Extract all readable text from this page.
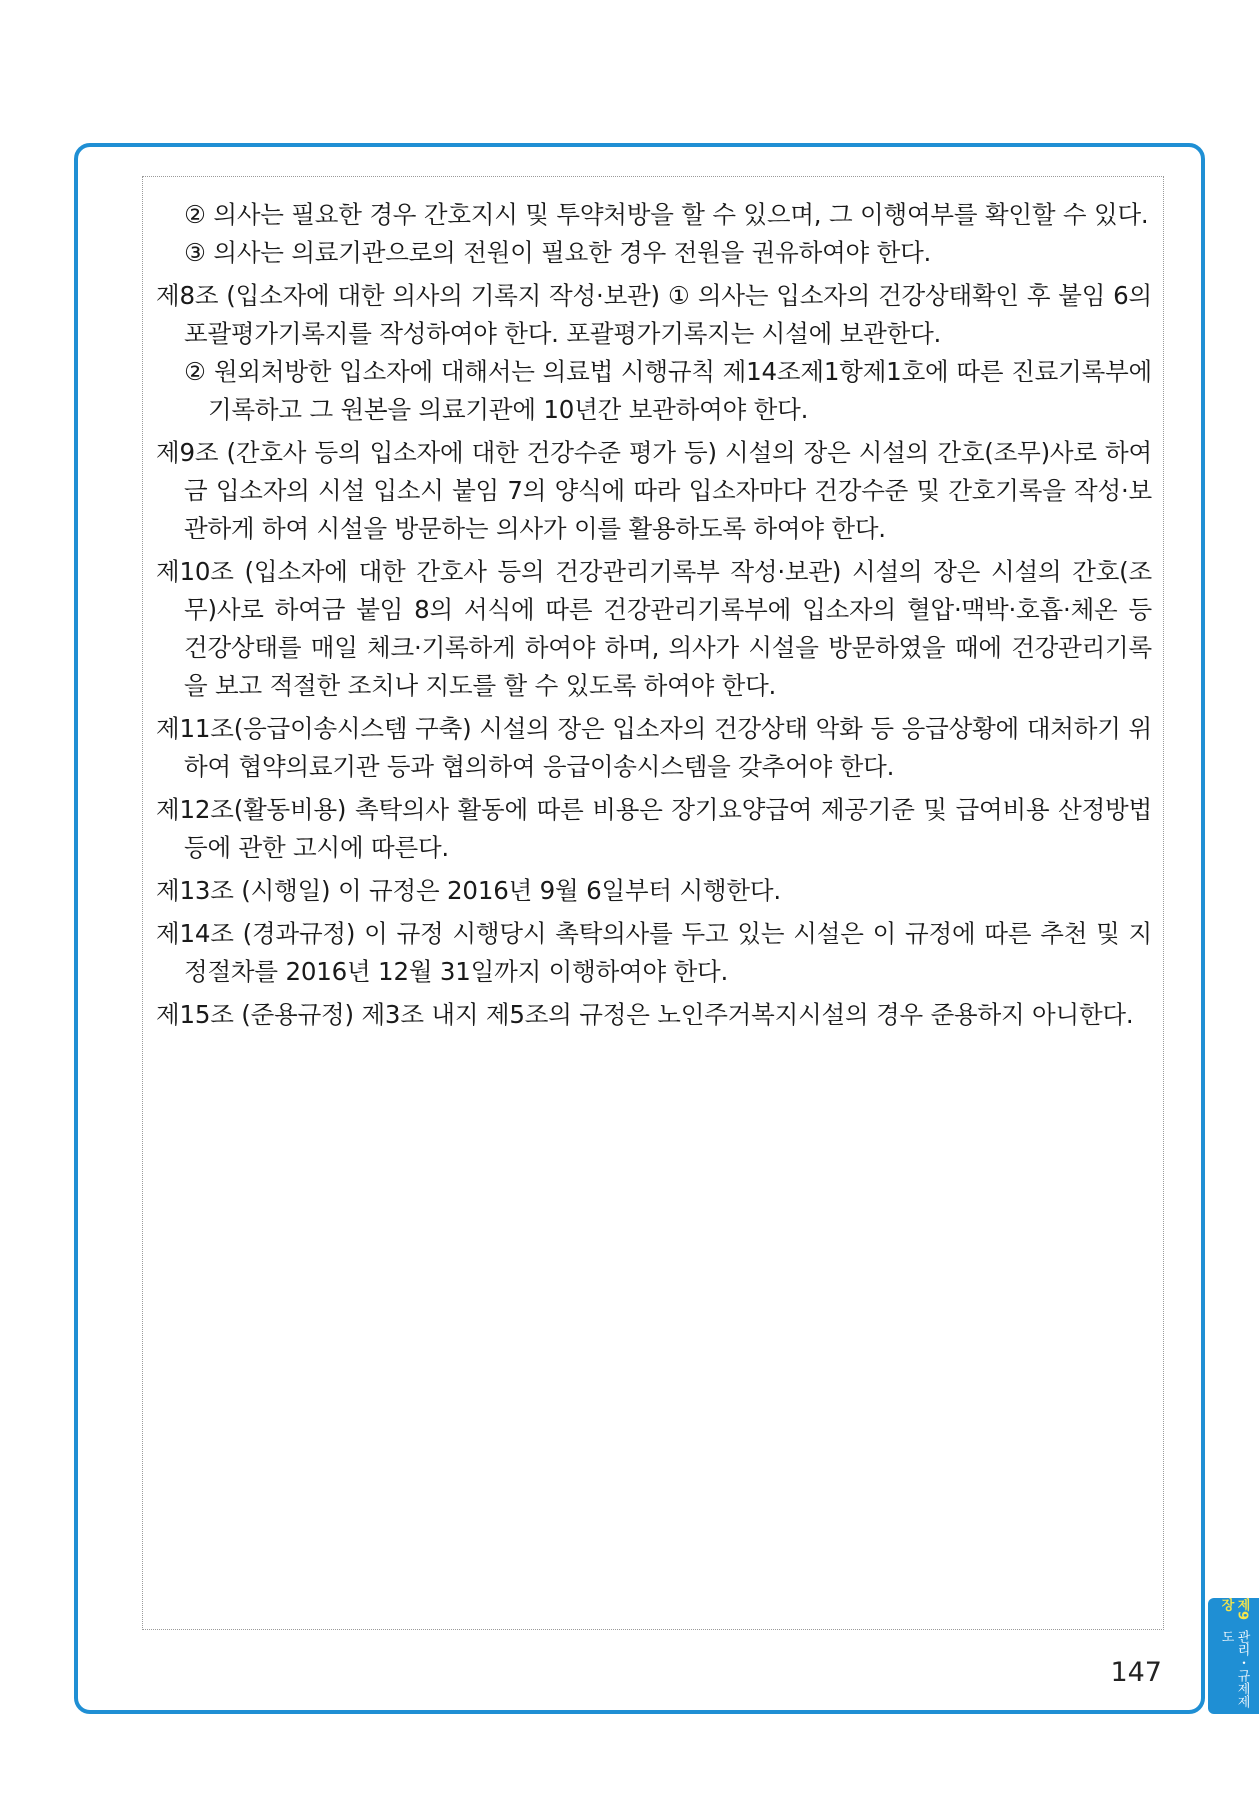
② 의사는 필요한 경우 간호지시 및 투약처방을 할 수 있으며, 그 이행여부를 확인할 수 있다.
③ 의사는 의료기관으로의 전원이 필요한 경우 전원을 권유하여야 한다.
제8조 (입소자에 대한 의사의 기록지 작성·보관) ① 의사는 입소자의 건강상태확인 후 붙임 6의 포괄평가기록지를 작성하여야 한다. 포괄평가기록지는 시설에 보관한다.
② 원외처방한 입소자에 대해서는 의료법 시행규칙 제14조제1항제1호에 따른 진료기록부에 기록하고 그 원본을 의료기관에 10년간 보관하여야 한다.
제9조 (간호사 등의 입소자에 대한 건강수준 평가 등) 시설의 장은 시설의 간호(조무)사로 하여금 입소자의 시설 입소시 붙임 7의 양식에 따라 입소자마다 건강수준 및 간호기록을 작성·보관하게 하여 시설을 방문하는 의사가 이를 활용하도록 하여야 한다.
제10조 (입소자에 대한 간호사 등의 건강관리기록부 작성·보관) 시설의 장은 시설의 간호(조무)사로 하여금 붙임 8의 서식에 따른 건강관리기록부에 입소자의 혈압·맥박·호흡·체온 등 건강상태를 매일 체크·기록하게 하여야 하며, 의사가 시설을 방문하였을 때에 건강관리기록을 보고 적절한 조치나 지도를 할 수 있도록 하여야 한다.
제11조(응급이송시스템 구축) 시설의 장은 입소자의 건강상태 악화 등 응급상황에 대처하기 위하여 협약의료기관 등과 협의하여 응급이송시스템을 갖추어야 한다.
제12조(활동비용) 촉탁의사 활동에 따른 비용은 장기요양급여 제공기준 및 급여비용 산정방법 등에 관한 고시에 따른다.
제13조 (시행일) 이 규정은 2016년 9월 6일부터 시행한다.
제14조 (경과규정) 이 규정 시행당시 촉탁의사를 두고 있는 시설은 이 규정에 따른 추천 및 지정절차를 2016년 12월 31일까지 이행하여야 한다.
제15조 (준용규정) 제3조 내지 제5조의 규정은 노인주거복지시설의 경우 준용하지 아니한다.
제9장
관리・규제제도
147
